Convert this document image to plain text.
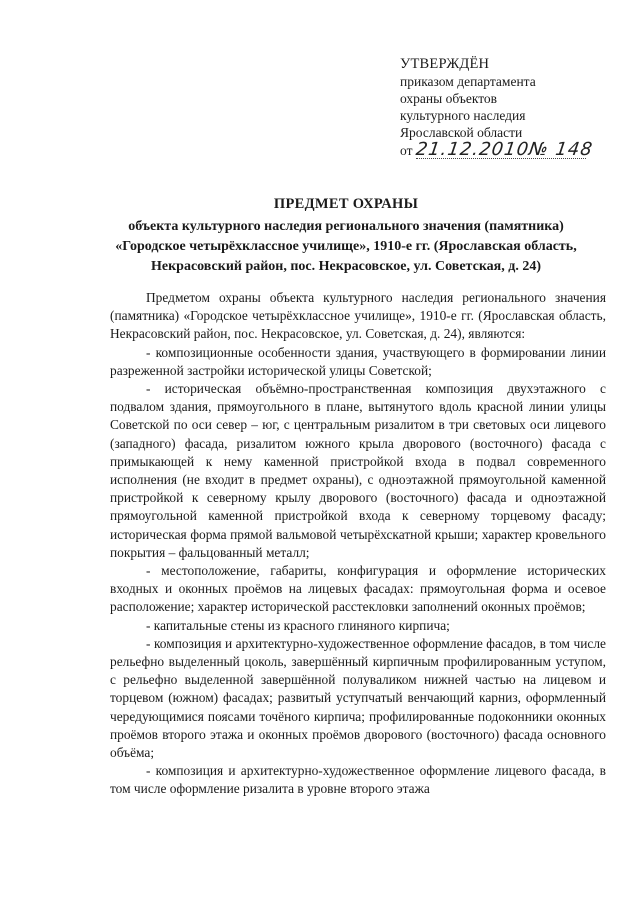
УТВЕРЖДЁН
приказом департамента
охраны объектов
культурного наследия
Ярославской области
от 21.12.2010№ 148
ПРЕДМЕТ ОХРАНЫ
объекта культурного наследия регионального значения (памятника) «Городское четырёхклассное училище», 1910-е гг. (Ярославская область, Некрасовский район, пос. Некрасовское, ул. Советская, д. 24)

Предметом охраны объекта культурного наследия регионального значения (памятника) «Городское четырёхклассное училище», 1910-е гг. (Ярославская область, Некрасовский район, пос. Некрасовское, ул. Советская, д. 24), являются:

- композиционные особенности здания, участвующего в формировании линии разреженной застройки исторической улицы Советской;

- историческая объёмно-пространственная композиция двухэтажного с подвалом здания, прямоугольного в плане, вытянутого вдоль красной линии улицы Советской по оси север – юг, с центральным ризалитом в три световых оси лицевого (западного) фасада, ризалитом южного крыла дворового (восточного) фасада с примыкающей к нему каменной пристройкой входа в подвал современного исполнения (не входит в предмет охраны), с одноэтажной прямоугольной каменной пристройкой к северному крылу дворового (восточного) фасада и одноэтажной прямоугольной каменной пристройкой входа к северному торцевому фасаду; историческая форма прямой вальмовой четырёхскатной крыши; характер кровельного покрытия – фальцованный металл;

- местоположение, габариты, конфигурация и оформление исторических входных и оконных проёмов на лицевых фасадах: прямоугольная форма и осевое расположение; характер исторической расстекловки заполнений оконных проёмов;

- капитальные стены из красного глиняного кирпича;

- композиция и архитектурно-художественное оформление фасадов, в том числе рельефно выделенный цоколь, завершённый кирпичным профилированным уступом, с рельефно выделенной завершённой полувaликом нижней частью на лицевом и торцевом (южном) фасадах; развитый уступчатый венчающий карниз, оформленный чередующимися поясами точёного кирпича; профилированные подоконники оконных проёмов второго этажа и оконных проёмов дворового (восточного) фасада основного объёма;

- композиция и архитектурно-художественное оформление лицевого фасада, в том числе оформление ризалита в уровне второго этажа
